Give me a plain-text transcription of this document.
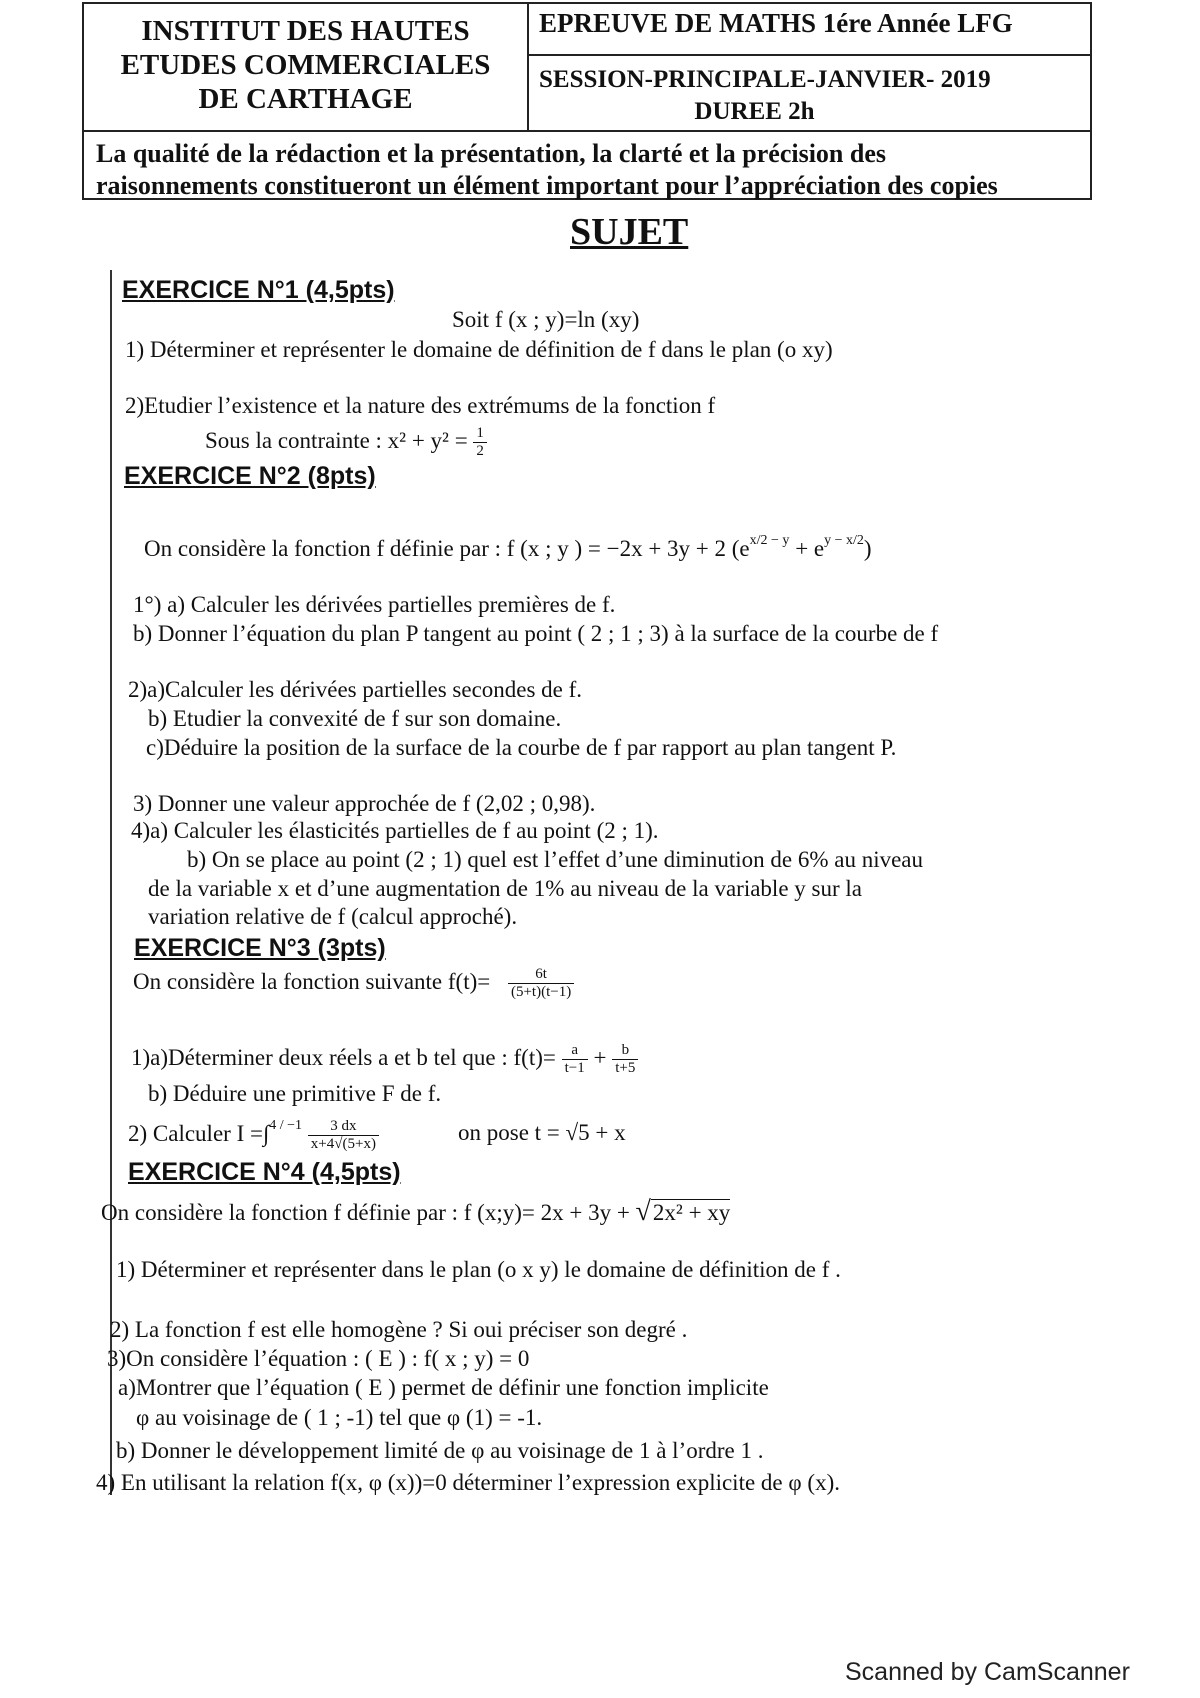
INSTITUT DES HAUTES
ETUDES COMMERCIALES
DE CARTHAGE
EPREUVE DE MATHS 1ére Année LFG
SESSION-PRINCIPALE-JANVIER- 2019
DUREE 2h
La qualité de la rédaction et la présentation, la clarté et la précision des
raisonnements constitueront un élément important pour l’appréciation des copies
SUJET
EXERCICE N°1 (4,5pts)
Soit f (x ; y)=ln (xy)
1) Déterminer et représenter le domaine de définition de f dans le plan (o xy)
2)Etudier l’existence et la nature des extrémums de la fonction f
Sous la contrainte : $x^2 + y^2 = \frac{1}{2}$
EXERCICE N°2 (8pts)
On considère la fonction f définie par : f (x ; y ) = −2x + 3y + 2 $(e^{x/2 - y} + e^{y - x/2})$
1°) a) Calculer les dérivées partielles premières de f.
b) Donner l’équation du plan P tangent au point ( 2 ; 1 ; 3) à la surface de la courbe de f
2)a)Calculer les dérivées partielles secondes de f.
b) Etudier la convexité de f sur son domaine.
c)Déduire la position de la surface de la courbe de f par rapport au plan tangent P.
3) Donner une valeur approchée de f (2,02 ; 0,98).
4)a) Calculer les élasticités partielles de f au point (2 ; 1).
b) On se place au point (2 ; 1) quel est l’effet d’une diminution de 6% au niveau
de la variable x et d’une augmentation de 1% au niveau de la variable y sur la
variation relative de f (calcul approché).
EXERCICE N°3 (3pts)
On considère la fonction suivante $f(t)= \frac{6t}{(5+t)(t-1)}$
1)a)Déterminer deux réels a et b tel que : $f(t)= \frac{a}{t-1} + \frac{b}{t+5}$
b) Déduire une primitive F de f.
2) Calculer $I =\int^{4 / -1} \frac{3 dx}{x+4√(5+x)}$	on pose t = √5 + x
EXERCICE N°4 (4,5pts)
On considère la fonction f définie par : f (x;y)= 2x + 3y + √2x² + xy
1) Déterminer et représenter dans le plan (o x y) le domaine de définition de f .
2) La fonction f est elle homogène ? Si oui préciser son degré .
3)On considère l’équation : ( E ) : f( x ; y) = 0
a)Montrer que l’équation ( E ) permet de définir une fonction implicite
φ au voisinage de ( 1 ; -1) tel que φ (1) = -1.
b) Donner le développement limité de φ au voisinage de 1 à l’ordre 1 .
4) En utilisant la relation f(x, φ (x))=0 déterminer l’expression explicite de φ (x).
Scanned by CamScanner
